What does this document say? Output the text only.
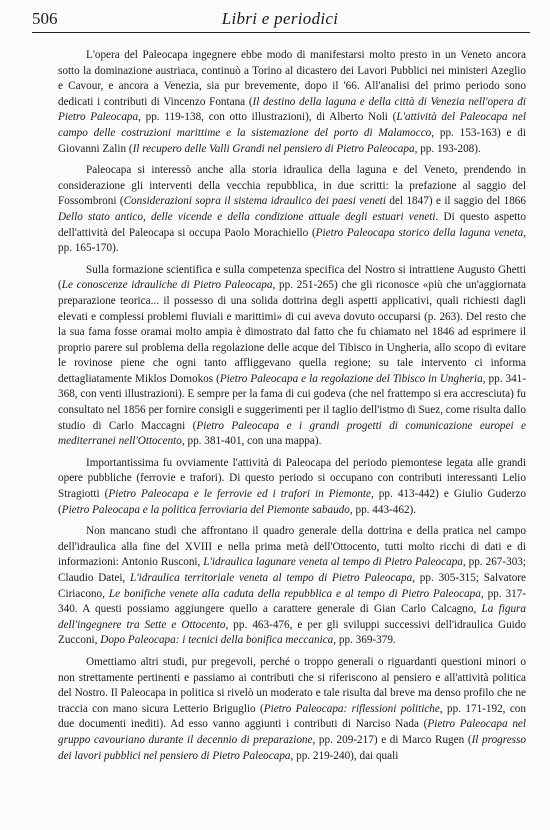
506	Libri e periodici

L'opera del Paleocapa ingegnere ebbe modo di manifestarsi molto presto in un Veneto ancora sotto la dominazione austriaca, continuò a Torino al dicastero dei Lavori Pubblici nei ministeri Azeglio e Cavour, e ancora a Venezia, sia pur brevemente, dopo il '66. All'analisi del primo periodo sono dedicati i contributi di Vincenzo Fontana (Il destino della laguna e della città di Venezia nell'opera di Pietro Paleocapa, pp. 119-138, con otto illustrazioni), di Alberto Noli (L'attività del Paleocapa nel campo delle costruzioni marittime e la sistemazione del porto di Malamocco, pp. 153-163) e di Giovanni Zalin (Il recupero delle Valli Grandi nel pensiero di Pietro Paleocapa, pp. 193-208).

Paleocapa si interessò anche alla storia idraulica della laguna e del Veneto, prendendo in considerazione gli interventi della vecchia repubblica, in due scritti: la prefazione al saggio del Fossombroni (Considerazioni sopra il sistema idraulico dei paesi veneti del 1847) e il saggio del 1866 Dello stato antico, delle vicende e della condizione attuale degli estuari veneti. Di questo aspetto dell'attività del Paleocapa si occupa Paolo Morachiello (Pietro Paleocapa storico della laguna veneta, pp. 165-170).

Sulla formazione scientifica e sulla competenza specifica del Nostro si intrattiene Augusto Ghetti (Le conoscenze idrauliche di Pietro Paleocapa, pp. 251-265) che gli riconosce «più che un'aggiornata preparazione teorica... il possesso di una solida dottrina degli aspetti applicativi, quali richiesti dagli elevati e complessi problemi fluviali e marittimi» di cui aveva dovuto occuparsi (p. 263). Del resto che la sua fama fosse oramai molto ampia è dimostrato dal fatto che fu chiamato nel 1846 ad esprimere il proprio parere sul problema della regolazione delle acque del Tibisco in Ungheria, allo scopo di evitare le rovinose piene che ogni tanto affliggevano quella regione; su tale intervento ci informa dettagliatamente Miklos Domokos (Pietro Paleocapa e la regolazione del Tibisco in Ungheria, pp. 341-368, con venti illustrazioni). E sempre per la fama di cui godeva (che nel frattempo si era accresciuta) fu consultato nel 1856 per fornire consigli e suggerimenti per il taglio dell'istmo di Suez, come risulta dallo studio di Carlo Maccagni (Pietro Paleocapa e i grandi progetti di comunicazione europei e mediterranei nell'Ottocento, pp. 381-401, con una mappa).

Importantissima fu ovviamente l'attività di Paleocapa del periodo piemontese legata alle grandi opere pubbliche (ferrovie e trafori). Di questo periodo si occupano con contributi interessanti Lelio Stragiotti (Pietro Paleocapa e le ferrovie ed i trafori in Piemonte, pp. 413-442) e Giulio Guderzo (Pietro Paleocapa e la politica ferroviaria del Piemonte sabaudo, pp. 443-462).

Non mancano studi che affrontano il quadro generale della dottrina e della pratica nel campo dell'idraulica alla fine del XVIII e nella prima metà dell'Ottocento, tutti molto ricchi di dati e di informazioni: Antonio Rusconi, L'idraulica lagunare veneta al tempo di Pietro Paleocapa, pp. 267-303; Claudio Datei, L'idraulica territoriale veneta al tempo di Pietro Paleocapa, pp. 305-315; Salvatore Ciriacono, Le bonifiche venete alla caduta della repubblica e al tempo di Pietro Paleocapa, pp. 317-340. A questi possiamo aggiungere quello a carattere generale di Gian Carlo Calcagno, La figura dell'ingegnere tra Sette e Ottocento, pp. 463-476, e per gli sviluppi successivi dell'idraulica Guido Zucconi, Dopo Paleocapa: i tecnici della bonifica meccanica, pp. 369-379.

Omettiamo altri studi, pur pregevoli, perché o troppo generali o riguardanti questioni minori o non strettamente pertinenti e passiamo ai contributi che si riferiscono al pensiero e all'attività politica del Nostro. Il Paleocapa in politica si rivelò un moderato e tale risulta dal breve ma denso profilo che ne traccia con mano sicura Letterio Briguglio (Pietro Paleocapa: riflessioni politiche, pp. 171-192, con due documenti inediti). Ad esso vanno aggiunti i contributi di Narciso Nada (Pietro Paleocapa nel gruppo cavouriano durante il decennio di preparazione, pp. 209-217) e di Marco Rugen (Il progresso dei lavori pubblici nel pensiero di Pietro Paleocapa, pp. 219-240), dai quali
